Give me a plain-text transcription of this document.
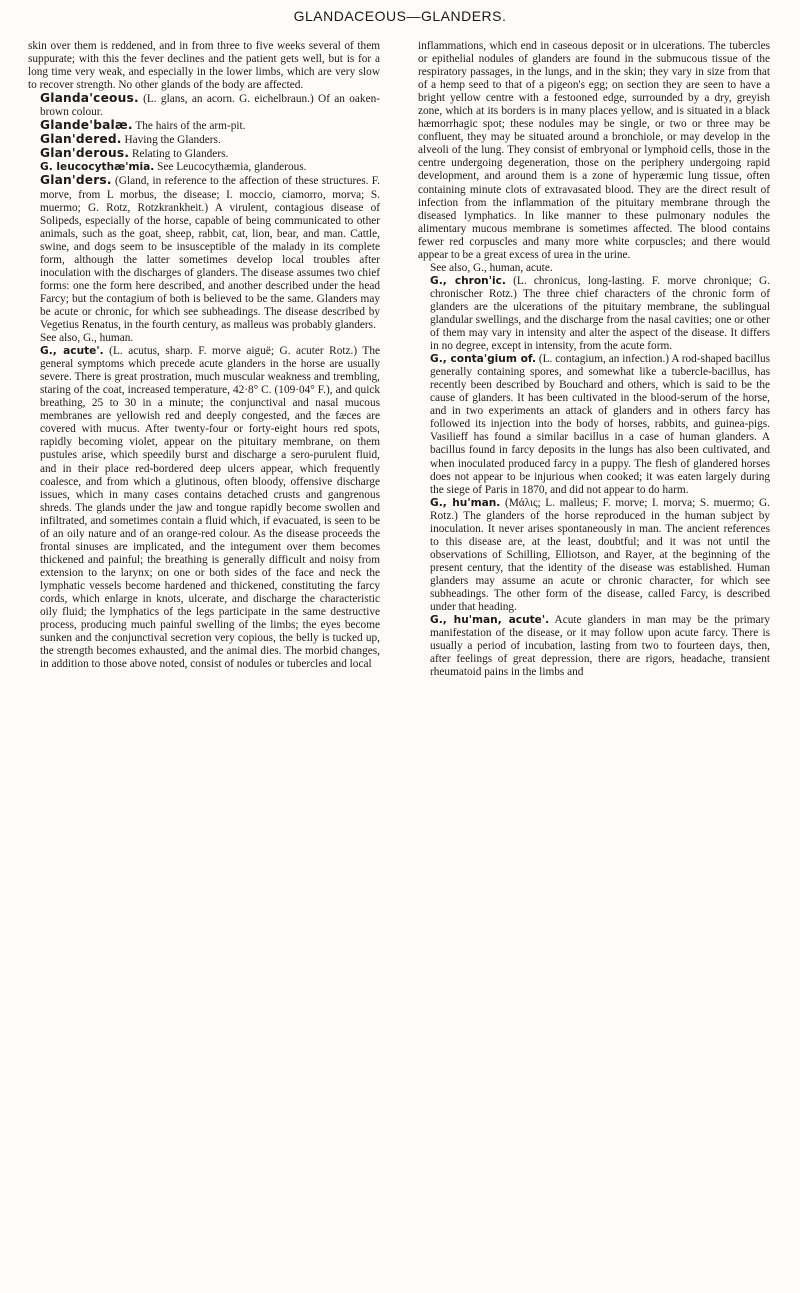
GLANDACEOUS—GLANDERS.

skin over them is reddened, and in from three to five weeks several of them suppurate; with this the fever declines and the patient gets well, but is for a long time very weak, and especially in the lower limbs, which are very slow to recover strength. No other glands of the body are affected.

Glanda'ceous. (L. glans, an acorn. G. eichelbraun.) Of an oaken-brown colour.

Glande'balæ. The hairs of the arm-pit.

Glan'dered. Having the Glanders.

Glan'derous. Relating to Glanders.

G. leucocythæ'mia. See Leucocythæmia, glanderous.

Glan'ders. (Gland, in reference to the affection of these structures. F. morve, from L morbus, the disease; I. moccio, ciamorro, morva; S. muermo; G. Rotz, Rotzkrankheit.) A virulent, contagious disease of Solipeds, especially of the horse, capable of being communicated to other animals, such as the goat, sheep, rabbit, cat, lion, bear, and man. Cattle, swine, and dogs seem to be insusceptible of the malady in its complete form, although the latter sometimes develop local troubles after inoculation with the discharges of glanders. The disease assumes two chief forms: one the form here described, and another described under the head Farcy; but the contagium of both is believed to be the same. Glanders may be acute or chronic, for which see subheadings. The disease described by Vegetius Renatus, in the fourth century, as malleus was probably glanders.

See also, G., human.

G., acute'. (L. acutus, sharp. F. morve aiguë; G. acuter Rotz.) The general symptoms which precede acute glanders in the horse are usually severe. There is great prostration, much muscular weakness and trembling, staring of the coat, increased temperature, 42·8° C. (109·04° F.), and quick breathing, 25 to 30 in a minute; the conjunctival and nasal mucous membranes are yellowish red and deeply congested, and the fæces are covered with mucus. After twenty-four or forty-eight hours red spots, rapidly becoming violet, appear on the pituitary membrane, on them pustules arise, which speedily burst and discharge a sero-purulent fluid, and in their place red-bordered deep ulcers appear, which frequently coalesce, and from which a glutinous, often bloody, offensive discharge issues, which in many cases contains detached crusts and gangrenous shreds. The glands under the jaw and tongue rapidly become swollen and infiltrated, and sometimes contain a fluid which, if evacuated, is seen to be of an oily nature and of an orange-red colour. As the disease proceeds the frontal sinuses are implicated, and the integument over them becomes thickened and painful; the breathing is generally difficult and noisy from extension to the larynx; on one or both sides of the face and neck the lymphatic vessels become hardened and thickened, constituting the farcy cords, which enlarge in knots, ulcerate, and discharge the characteristic oily fluid; the lymphatics of the legs participate in the same destructive process, producing much painful swelling of the limbs; the eyes become sunken and the conjunctival secretion very copious, the belly is tucked up, the strength becomes exhausted, and the animal dies. The morbid changes, in addition to those above noted, consist of nodules or tubercles and local

inflammations, which end in caseous deposit or in ulcerations. The tubercles or epithelial nodules of glanders are found in the submucous tissue of the respiratory passages, in the lungs, and in the skin; they vary in size from that of a hemp seed to that of a pigeon's egg; on section they are seen to have a bright yellow centre with a festooned edge, surrounded by a dry, greyish zone, which at its borders is in many places yellow, and is situated in a black hæmorrhagic spot; these nodules may be single, or two or three may be confluent, they may be situated around a bronchiole, or may develop in the alveoli of the lung. They consist of embryonal or lymphoid cells, those in the centre undergoing degeneration, those on the periphery undergoing rapid development, and around them is a zone of hyperæmic lung tissue, often containing minute clots of extravasated blood. They are the direct result of infection from the inflammation of the pituitary membrane through the diseased lymphatics. In like manner to these pulmonary nodules the alimentary mucous membrane is sometimes affected. The blood contains fewer red corpuscles and many more white corpuscles; and there would appear to be a great excess of urea in the urine.

See also, G., human, acute.

G., chron'ic. (L. chronicus, long-lasting. F. morve chronique; G. chronischer Rotz.) The three chief characters of the chronic form of glanders are the ulcerations of the pituitary membrane, the sublingual glandular swellings, and the discharge from the nasal cavities; one or other of them may vary in intensity and alter the aspect of the disease. It differs in no degree, except in intensity, from the acute form.

G., conta'gium of. (L. contagium, an infection.) A rod-shaped bacillus generally containing spores, and somewhat like a tubercle-bacillus, has recently been described by Bouchard and others, which is said to be the cause of glanders. It has been cultivated in the blood-serum of the horse, and in two experiments an attack of glanders and in others farcy has followed its injection into the body of horses, rabbits, and guinea-pigs. Vasilieff has found a similar bacillus in a case of human glanders. A bacillus found in farcy deposits in the lungs has also been cultivated, and when inoculated produced farcy in a puppy. The flesh of glandered horses does not appear to be injurious when cooked; it was eaten largely during the siege of Paris in 1870, and did not appear to do harm.

G., hu'man. (Μάλις; L. malleus; F. morve; I. morva; S. muermo; G. Rotz.) The glanders of the horse reproduced in the human subject by inoculation. It never arises spontaneously in man. The ancient references to this disease are, at the least, doubtful; and it was not until the observations of Schilling, Elliotson, and Rayer, at the beginning of the present century, that the identity of the disease was established. Human glanders may assume an acute or chronic character, for which see subheadings. The other form of the disease, called Farcy, is described under that heading.

G., hu'man, acute'. Acute glanders in man may be the primary manifestation of the disease, or it may follow upon acute farcy. There is usually a period of incubation, lasting from two to fourteen days, then, after feelings of great depression, there are rigors, headache, transient rheumatoid pains in the limbs and
